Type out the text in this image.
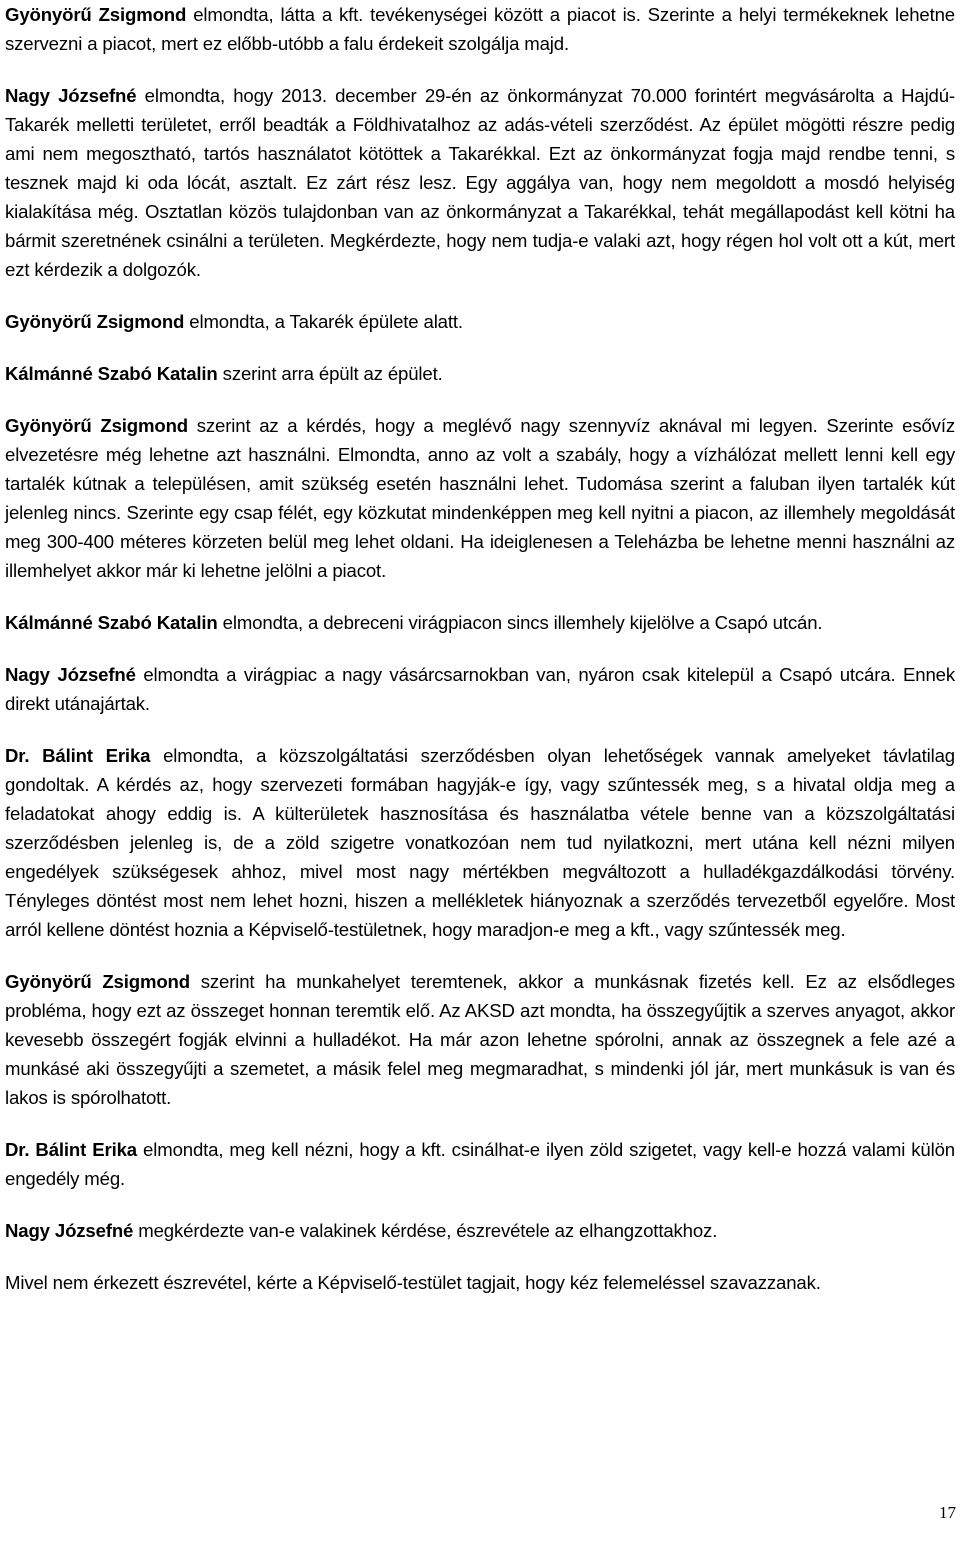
Gyönyörű Zsigmond elmondta, látta a kft. tevékenységei között a piacot is. Szerinte a helyi termékeknek lehetne szervezni a piacot, mert ez előbb-utóbb a falu érdekeit szolgálja majd.

Nagy Józsefné elmondta, hogy 2013. december 29-én az önkormányzat 70.000 forintért megvásárolta a Hajdú-Takarék melletti területet, erről beadták a Földhivatalhoz az adás-vételi szerződést. Az épület mögötti részre pedig ami nem megosztható, tartós használatot kötöttek a Takarékkal. Ezt az önkormányzat fogja majd rendbe tenni, s tesznek majd ki oda lócát, asztalt. Ez zárt rész lesz. Egy aggálya van, hogy nem megoldott a mosdó helyiség kialakítása még. Osztatlan közös tulajdonban van az önkormányzat a Takarékkal, tehát megállapodást kell kötni ha bármit szeretnének csinálni a területen. Megkérdezte, hogy nem tudja-e valaki azt, hogy régen hol volt ott a kút, mert ezt kérdezik a dolgozók.

Gyönyörű Zsigmond elmondta, a Takarék épülete alatt.

Kálmánné Szabó Katalin szerint arra épült az épület.

Gyönyörű Zsigmond szerint az a kérdés, hogy a meglévő nagy szennyvíz aknával mi legyen. Szerinte esővíz elvezetésre még lehetne azt használni. Elmondta, anno az volt a szabály, hogy a vízhálózat mellett lenni kell egy tartalék kútnak a településen, amit szükség esetén használni lehet. Tudomása szerint a faluban ilyen tartalék kút jelenleg nincs. Szerinte egy csap félét, egy közkutat mindenképpen meg kell nyitni a piacon, az illemhely megoldását meg 300-400 méteres körzeten belül meg lehet oldani. Ha ideiglenesen a Teleházba be lehetne menni használni az illemhelyet akkor már ki lehetne jelölni a piacot.

Kálmánné Szabó Katalin elmondta, a debreceni virágpiacon sincs illemhely kijelölve a Csapó utcán.

Nagy Józsefné elmondta a virágpiac a nagy vásárcsarnokban van, nyáron csak kitelepül a Csapó utcára. Ennek direkt utánajártak.

Dr. Bálint Erika elmondta, a közszolgáltatási szerződésben olyan lehetőségek vannak amelyeket távlatilag gondoltak. A kérdés az, hogy szervezeti formában hagyják-e így, vagy szűntessék meg, s a hivatal oldja meg a feladatokat ahogy eddig is. A külterületek hasznosítása és használatba vétele benne van a közszolgáltatási szerződésben jelenleg is, de a zöld szigetre vonatkozóan nem tud nyilatkozni, mert utána kell nézni milyen engedélyek szükségesek ahhoz, mivel most nagy mértékben megváltozott a hulladékgazdálkodási törvény. Tényleges döntést most nem lehet hozni, hiszen a mellékletek hiányoznak a szerződés tervezetből egyelőre. Most arról kellene döntést hoznia a Képviselő-testületnek, hogy maradjon-e meg a kft., vagy szűntessék meg.

Gyönyörű Zsigmond szerint ha munkahelyet teremtenek, akkor a munkásnak fizetés kell. Ez az elsődleges probléma, hogy ezt az összeget honnan teremtik elő. Az AKSD azt mondta, ha összegyűjtik a szerves anyagot, akkor kevesebb összegért fogják elvinni a hulladékot. Ha már azon lehetne spórolni, annak az összegnek a fele azé a munkásé aki összegyűjti a szemetet, a másik felel meg megmaradhat, s mindenki jól jár, mert munkásuk is van és lakos is spórolhatott.

Dr. Bálint Erika elmondta, meg kell nézni, hogy a kft. csinálhat-e ilyen zöld szigetet, vagy kell-e hozzá valami külön engedély még.

Nagy Józsefné megkérdezte van-e valakinek kérdése, észrevétele az elhangzottakhoz.

Mivel nem érkezett észrevétel, kérte a Képviselő-testület tagjait, hogy kéz felemeléssel szavazzanak.

17
